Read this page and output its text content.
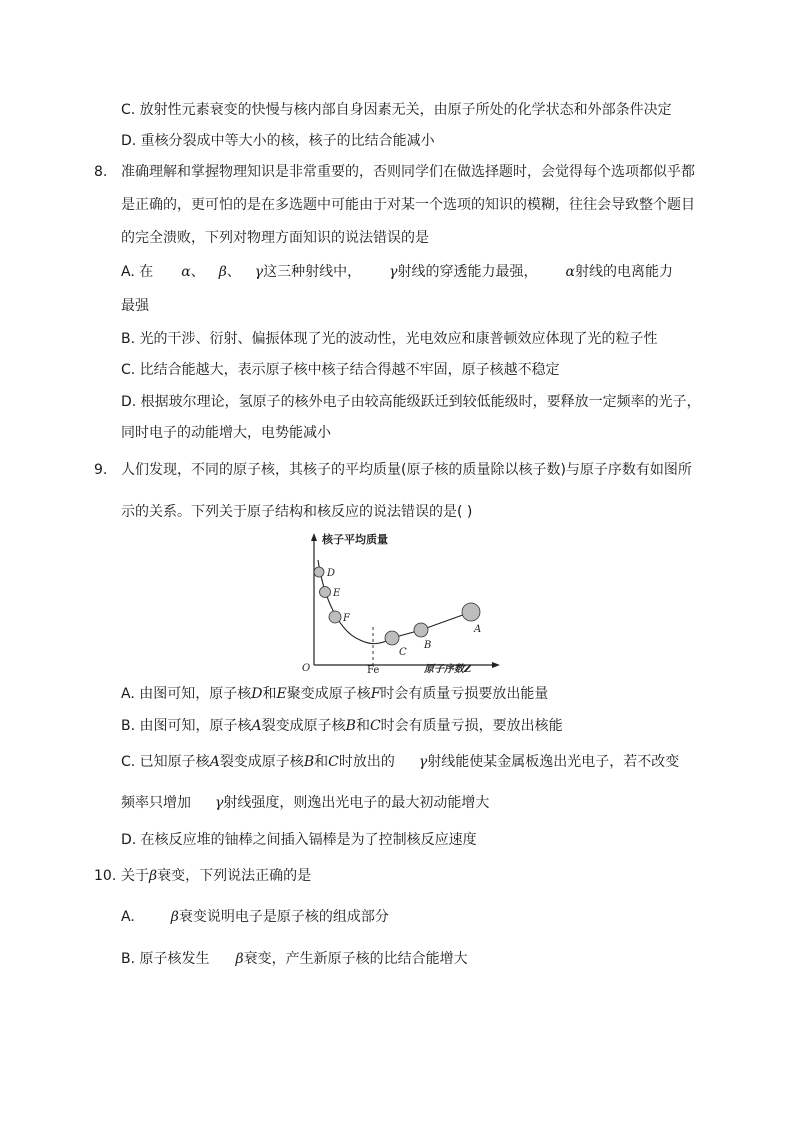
C. 放射性元素衰变的快慢与核内部自身因素无关，由原子所处的化学状态和外部条件决定
D. 重核分裂成中等大小的核，核子的比结合能减小
8. 准确理解和掌握物理知识是非常重要的，否则同学们在做选择题时，会觉得每个选项都似乎都
是正确的，更可怕的是在多选题中可能由于对某一个选项的知识的模糊，往往会导致整个题目
的完全溃败，下列对物理方面知识的说法错误的是
A. 在 α、 β、 γ这三种射线中， γ射线的穿透能力最强， α射线的电离能力
最强
B. 光的干涉、衍射、偏振体现了光的波动性，光电效应和康普顿效应体现了光的粒子性
C. 比结合能越大，表示原子核中核子结合得越不牢固，原子核越不稳定
D. 根据玻尔理论，氢原子的核外电子由较高能级跃迁到较低能级时，要释放一定频率的光子，
同时电子的动能增大，电势能减小
9. 人们发现，不同的原子核，其核子的平均质量(原子核的质量除以核子数)与原子序数有如图所
示的关系。下列关于原子结构和核反应的说法错误的是( )
核子平均质量
原子序数Z
O	Fe
D
E
F
C
B
A
A. 由图可知，原子核D和E聚变成原子核F时会有质量亏损要放出能量
B. 由图可知，原子核A裂变成原子核B和C时会有质量亏损，要放出核能
C. 已知原子核A裂变成原子核B和C时放出的 γ射线能使某金属板逸出光电子，若不改变
频率只增加 γ射线强度，则逸出光电子的最大初动能增大
D. 在核反应堆的铀棒之间插入镉棒是为了控制核反应速度
10. 关于β衰变，下列说法正确的是
A.	β衰变说明电子是原子核的组成部分
B. 原子核发生 β衰变，产生新原子核的比结合能增大
